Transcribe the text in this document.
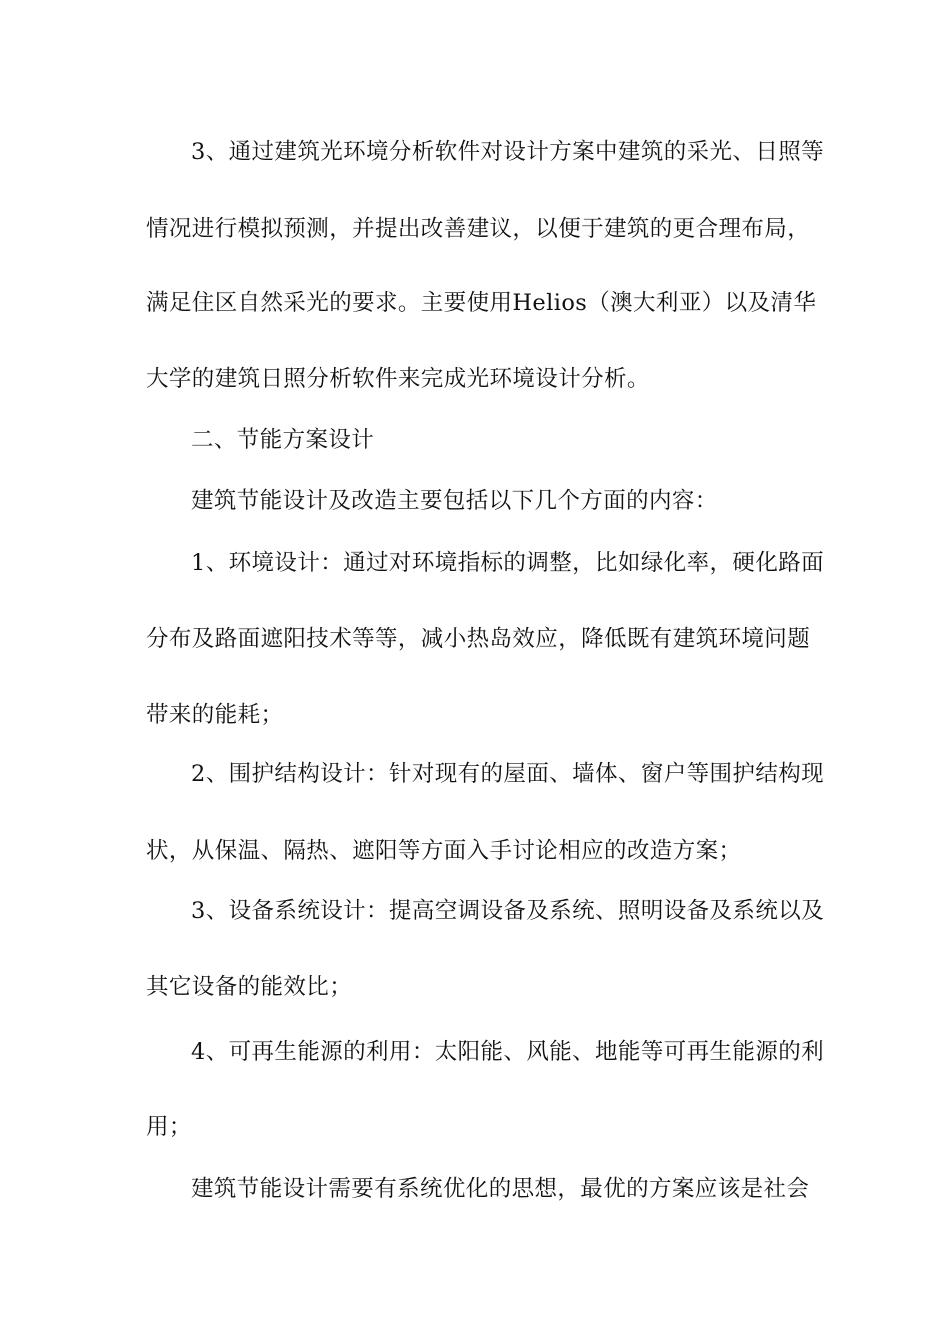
3、通过建筑光环境分析软件对设计方案中建筑的采光、日照等
情况进行模拟预测，并提出改善建议，以便于建筑的更合理布局，
满足住区自然采光的要求。主要使用Helios（澳大利亚）以及清华
大学的建筑日照分析软件来完成光环境设计分析。
二、节能方案设计
建筑节能设计及改造主要包括以下几个方面的内容：
1、环境设计：通过对环境指标的调整，比如绿化率，硬化路面
分布及路面遮阳技术等等，减小热岛效应，降低既有建筑环境问题
带来的能耗；
2、围护结构设计：针对现有的屋面、墙体、窗户等围护结构现
状，从保温、隔热、遮阳等方面入手讨论相应的改造方案；
3、设备系统设计：提高空调设备及系统、照明设备及系统以及
其它设备的能效比；
4、可再生能源的利用：太阳能、风能、地能等可再生能源的利
用；
建筑节能设计需要有系统优化的思想，最优的方案应该是社会
